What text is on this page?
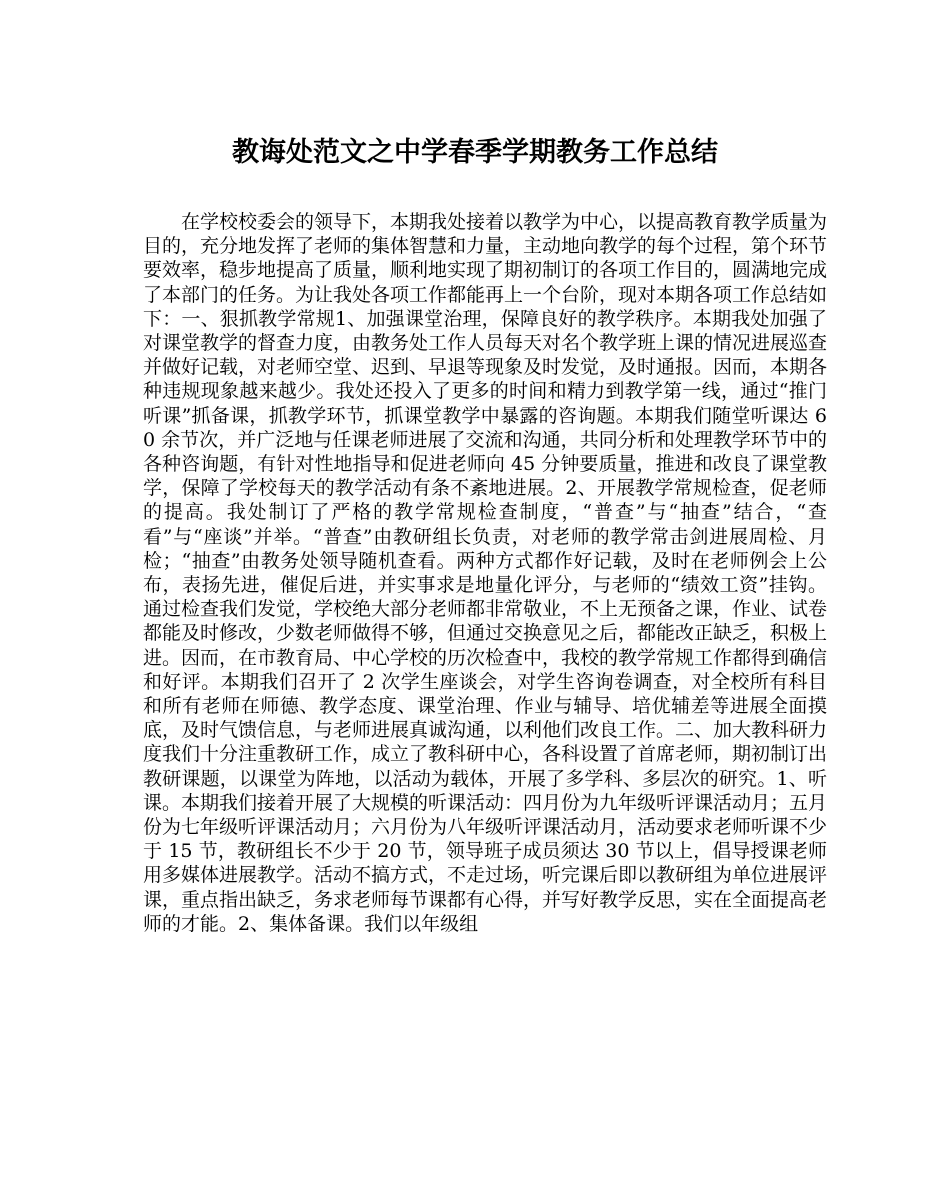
教诲处范文之中学春季学期教务工作总结

在学校校委会的领导下，本期我处接着以教学为中心，以提高教育教学质量为目的，充分地发挥了老师的集体智慧和力量，主动地向教学的每个过程，第个环节要效率，稳步地提高了质量，顺利地实现了期初制订的各项工作目的，圆满地完成了本部门的任务。为让我处各项工作都能再上一个台阶，现对本期各项工作总结如下：一、狠抓教学常规1、加强课堂治理，保障良好的教学秩序。本期我处加强了对课堂教学的督查力度，由教务处工作人员每天对名个教学班上课的情况进展巡查并做好记载，对老师空堂、迟到、早退等现象及时发觉，及时通报。因而，本期各种违规现象越来越少。我处还投入了更多的时间和精力到教学第一线，通过“推门听课”抓备课，抓教学环节，抓课堂教学中暴露的咨询题。本期我们随堂听课达 60 余节次，并广泛地与任课老师进展了交流和沟通，共同分析和处理教学环节中的各种咨询题，有针对性地指导和促进老师向 45 分钟要质量，推进和改良了课堂教学，保障了学校每天的教学活动有条不紊地进展。2、开展教学常规检查，促老师的提高。我处制订了严格的教学常规检查制度，“普查”与“抽查”结合，“查看”与“座谈”并举。“普查”由教研组长负责，对老师的教学常击剑进展周检、月检；“抽查”由教务处领导随机查看。两种方式都作好记载，及时在老师例会上公布，表扬先进，催促后进，并实事求是地量化评分，与老师的“绩效工资”挂钩。通过检查我们发觉，学校绝大部分老师都非常敬业，不上无预备之课，作业、试卷都能及时修改，少数老师做得不够，但通过交换意见之后，都能改正缺乏，积极上进。因而，在市教育局、中心学校的历次检查中，我校的教学常规工作都得到确信和好评。本期我们召开了 2 次学生座谈会，对学生咨询卷调查，对全校所有科目和所有老师在师德、教学态度、课堂治理、作业与辅导、培优辅差等进展全面摸底，及时气馈信息，与老师进展真诚沟通，以利他们改良工作。二、加大教科研力度我们十分注重教研工作，成立了教科研中心，各科设置了首席老师，期初制订出教研课题，以课堂为阵地，以活动为载体，开展了多学科、多层次的研究。1、听课。本期我们接着开展了大规模的听课活动：四月份为九年级听评课活动月；五月份为七年级听评课活动月；六月份为八年级听评课活动月，活动要求老师听课不少于 15 节，教研组长不少于 20 节，领导班子成员须达 30 节以上，倡导授课老师用多媒体进展教学。活动不搞方式，不走过场，听完课后即以教研组为单位进展评课，重点指出缺乏，务求老师每节课都有心得，并写好教学反思，实在全面提高老师的才能。2、集体备课。我们以年级组
